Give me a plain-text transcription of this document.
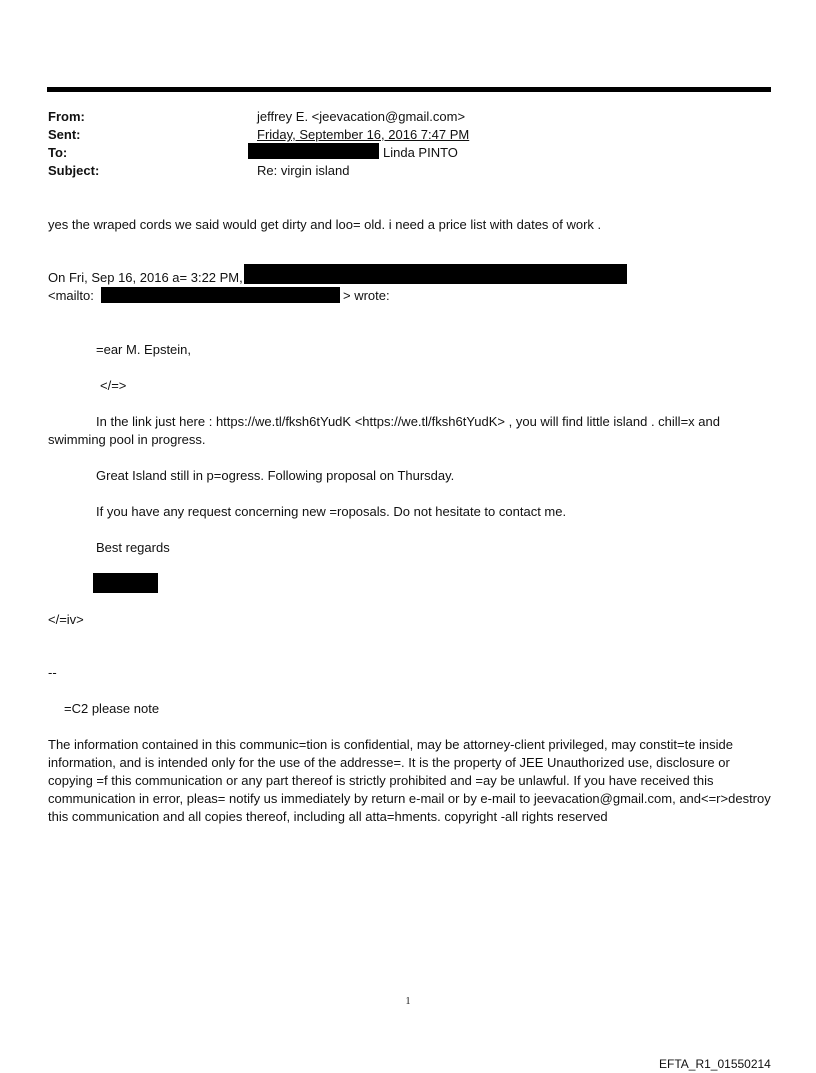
From:	jeffrey E. <jeevacation@gmail.com>
Sent:	Friday, September 16, 2016 7:47 PM
To:	Linda PINTO
Subject:	Re: virgin island
yes the wraped cords we said would get dirty and loo= old. i need a price list with dates of work .
On Fri, Sep 16, 2016 a= 3:22 PM,
<mailto:	> wrote:
=ear M. Epstein,
</=>
In the link just here : https://we.tl/fksh6tYudK <https://we.tl/fksh6tYudK> , you will find little island . chill=x and swimming pool in progress.
Great Island still in p=ogress. Following proposal on Thursday.
If you have any request concerning new =roposals. Do not hesitate to contact me.
Best regards
</=iv>
--
=C2 please note
The information contained in this communic=tion is confidential, may be attorney-client privileged, may constit=te inside information, and is intended only for the use of the addresse=. It is the property of JEE Unauthorized use, disclosure or copying =f this communication or any part thereof is strictly prohibited and =ay be unlawful. If you have received this communication in error, pleas= notify us immediately by return e-mail or by e-mail to jeevacation@gmail.com, and<=r>destroy this communication and all copies thereof, including all atta=hments. copyright -all rights reserved
1
EFTA_R1_01550214
